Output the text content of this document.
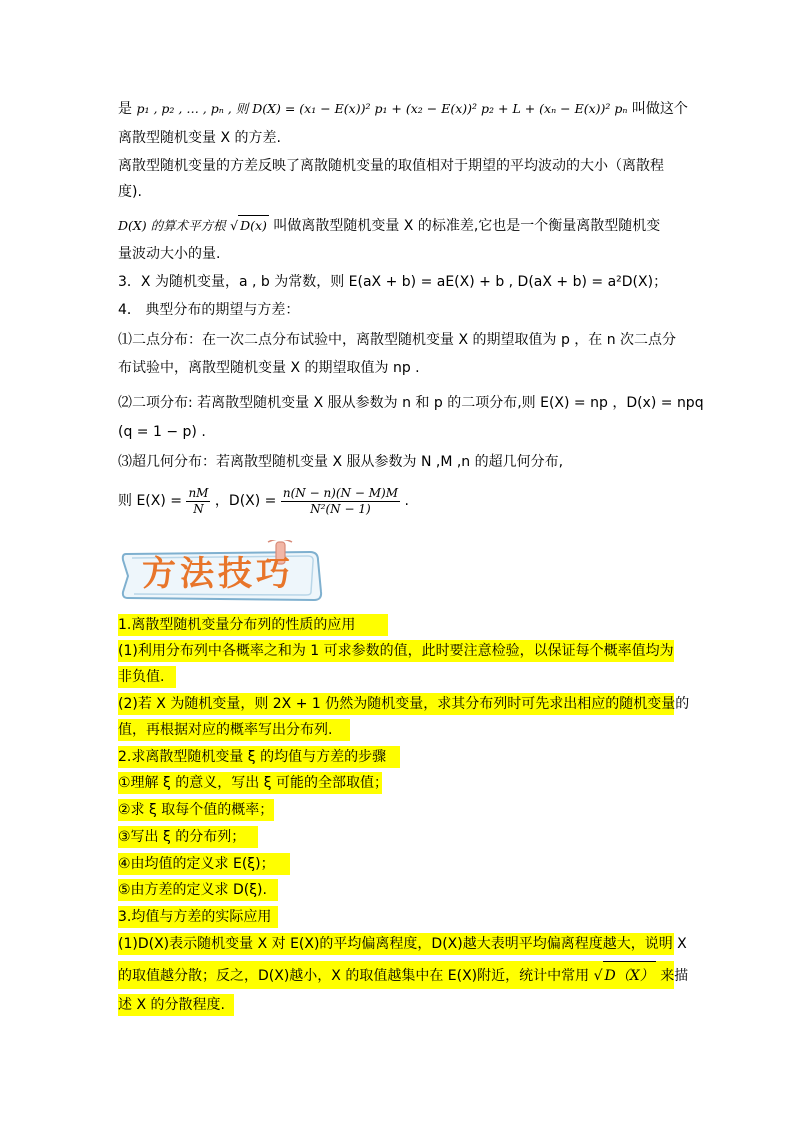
是 p₁ , p₂ , … , pₙ , 则 D(X) = (x₁ − E(x))² p₁ + (x₂ − E(x))² p₂ + L + (xₙ − E(x))² pₙ 叫做这个
离散型随机变量 X 的方差.
离散型随机变量的方差反映了离散随机变量的取值相对于期望的平均波动的大小（离散程
度).
D(X) 的算术平方根 √ D(x) 叫做离散型随机变量 X 的标准差,它也是一个衡量离散型随机变
量波动大小的量.
3．X 为随机变量，a , b 为常数，则 E(aX + b) = aE(X) + b , D(aX + b) = a²D(X)；
4． 典型分布的期望与方差：
⑴二点分布：在一次二点分布试验中，离散型随机变量 X 的期望取值为 p ，在 n 次二点分
布试验中，离散型随机变量 X 的期望取值为 np .
⑵二项分布: 若离散型随机变量 X 服从参数为 n 和 p 的二项分布,则 E(X) = np ，D(x) = npq
(q = 1 − p) .
⑶超几何分布：若离散型随机变量 X 服从参数为 N ,M ,n 的超几何分布,
则 $E(X) = \frac{nM}{N}$ ，$D(X) = \frac{n(N - n)(N - M)M}{\text{N²(N − 1)}}$ .
方法技巧
1.离散型随机变量分布列的性质的应用
(1)利用分布列中各概率之和为 1 可求参数的值，此时要注意检验，以保证每个概率值均为
非负值.
(2)若 X 为随机变量，则 2X + 1 仍然为随机变量，求其分布列时可先求出相应的随机变量的
值，再根据对应的概率写出分布列.
2.求离散型随机变量 ξ 的均值与方差的步骤
①理解 ξ 的意义，写出 ξ 可能的全部取值；
②求 ξ 取每个值的概率；
③写出 ξ 的分布列；
④由均值的定义求 E(ξ)；
⑤由方差的定义求 D(ξ).
3.均值与方差的实际应用
(1)D(X)表示随机变量 X 对 E(X)的平均偏离程度，D(X)越大表明平均偏离程度越大，说明 X
的取值越分散；反之，D(X)越小，X 的取值越集中在 E(X)附近，统计中常用 √ D（X） 来描
述 X 的分散程度.
